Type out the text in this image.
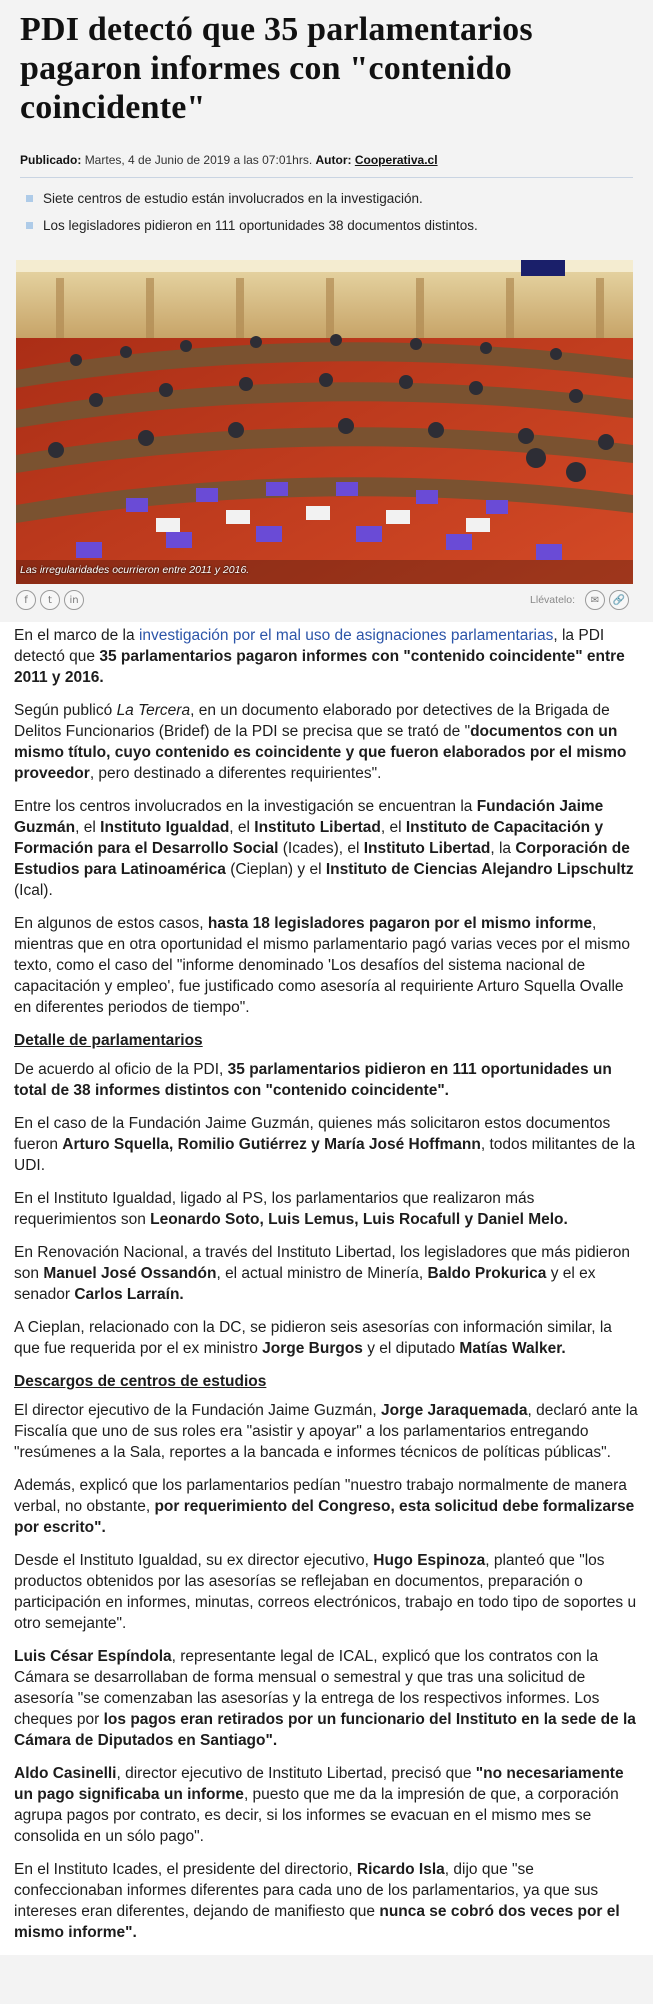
PDI detectó que 35 parlamentarios pagaron informes con "contenido coincidente"
Publicado: Martes, 4 de Junio de 2019 a las 07:01hrs. Autor: Cooperativa.cl
Siete centros de estudio están involucrados en la investigación.
Los legisladores pidieron en 111 oportunidades 38 documentos distintos.
Las irregularidades ocurrieron entre 2011 y 2016.
f	t	in	Llévatelo:	✉	🔗

En el marco de la investigación por el mal uso de asignaciones parlamentarias, la PDI detectó que 35 parlamentarios pagaron informes con "contenido coincidente" entre 2011 y 2016.

Según publicó La Tercera, en un documento elaborado por detectives de la Brigada de Delitos Funcionarios (Bridef) de la PDI se precisa que se trató de "documentos con un mismo título, cuyo contenido es coincidente y que fueron elaborados por el mismo proveedor, pero destinado a diferentes requirientes".

Entre los centros involucrados en la investigación se encuentran la Fundación Jaime Guzmán, el Instituto Igualdad, el Instituto Libertad, el Instituto de Capacitación y Formación para el Desarrollo Social (Icades), el Instituto Libertad, la Corporación de Estudios para Latinoamérica (Cieplan) y el Instituto de Ciencias Alejandro Lipschultz (Ical).

En algunos de estos casos, hasta 18 legisladores pagaron por el mismo informe, mientras que en otra oportunidad el mismo parlamentario pagó varias veces por el mismo texto, como el caso del "informe denominado 'Los desafíos del sistema nacional de capacitación y empleo', fue justificado como asesoría al requiriente Arturo Squella Ovalle en diferentes periodos de tiempo".

Detalle de parlamentarios

De acuerdo al oficio de la PDI, 35 parlamentarios pidieron en 111 oportunidades un total de 38 informes distintos con "contenido coincidente".

En el caso de la Fundación Jaime Guzmán, quienes más solicitaron estos documentos fueron Arturo Squella, Romilio Gutiérrez y María José Hoffmann, todos militantes de la UDI.

En el Instituto Igualdad, ligado al PS, los parlamentarios que realizaron más requerimientos son Leonardo Soto, Luis Lemus, Luis Rocafull y Daniel Melo.

En Renovación Nacional, a través del Instituto Libertad, los legisladores que más pidieron son Manuel José Ossandón, el actual ministro de Minería, Baldo Prokurica y el ex senador Carlos Larraín.

A Cieplan, relacionado con la DC, se pidieron seis asesorías con información similar, la que fue requerida por el ex ministro Jorge Burgos y el diputado Matías Walker.

Descargos de centros de estudios

El director ejecutivo de la Fundación Jaime Guzmán, Jorge Jaraquemada, declaró ante la Fiscalía que uno de sus roles era "asistir y apoyar" a los parlamentarios entregando "resúmenes a la Sala, reportes a la bancada e informes técnicos de políticas públicas".

Además, explicó que los parlamentarios pedían "nuestro trabajo normalmente de manera verbal, no obstante, por requerimiento del Congreso, esta solicitud debe formalizarse por escrito".

Desde el Instituto Igualdad, su ex director ejecutivo, Hugo Espinoza, planteó que "los productos obtenidos por las asesorías se reflejaban en documentos, preparación o participación en informes, minutas, correos electrónicos, trabajo en todo tipo de soportes u otro semejante".

Luis César Espíndola, representante legal de ICAL, explicó que los contratos con la Cámara se desarrollaban de forma mensual o semestral y que tras una solicitud de asesoría "se comenzaban las asesorías y la entrega de los respectivos informes. Los cheques por los pagos eran retirados por un funcionario del Instituto en la sede de la Cámara de Diputados en Santiago".

Aldo Casinelli, director ejecutivo de Instituto Libertad, precisó que "no necesariamente un pago significaba un informe, puesto que me da la impresión de que, a corporación agrupa pagos por contrato, es decir, si los informes se evacuan en el mismo mes se consolida en un sólo pago".

En el Instituto Icades, el presidente del directorio, Ricardo Isla, dijo que "se confeccionaban informes diferentes para cada uno de los parlamentarios, ya que sus intereses eran diferentes, dejando de manifiesto que nunca se cobró dos veces por el mismo informe".
